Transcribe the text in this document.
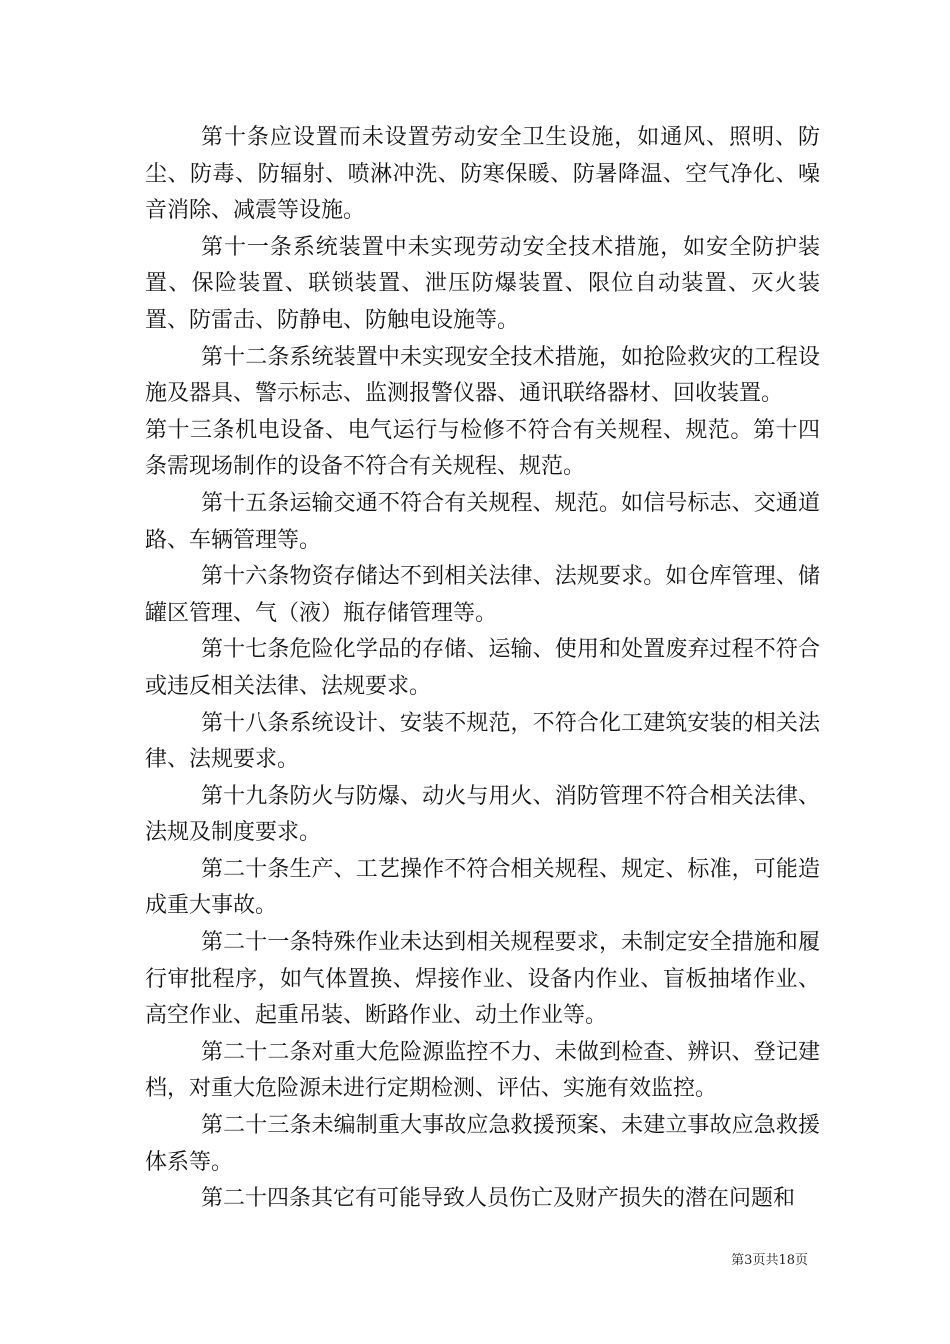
第十条应设置而未设置劳动安全卫生设施，如通风、照明、防尘、防毒、防辐射、喷淋冲洗、防寒保暖、防暑降温、空气净化、噪音消除、减震等设施。

第十一条系统装置中未实现劳动安全技术措施，如安全防护装置、保险装置、联锁装置、泄压防爆装置、限位自动装置、灭火装置、防雷击、防静电、防触电设施等。

第十二条系统装置中未实现安全技术措施，如抢险救灾的工程设施及器具、警示标志、监测报警仪器、通讯联络器材、回收装置。

第十三条机电设备、电气运行与检修不符合有关规程、规范。第十四条需现场制作的设备不符合有关规程、规范。

第十五条运输交通不符合有关规程、规范。如信号标志、交通道路、车辆管理等。

第十六条物资存储达不到相关法律、法规要求。如仓库管理、储罐区管理、气（液）瓶存储管理等。

第十七条危险化学品的存储、运输、使用和处置废弃过程不符合或违反相关法律、法规要求。

第十八条系统设计、安装不规范，不符合化工建筑安装的相关法律、法规要求。

第十九条防火与防爆、动火与用火、消防管理不符合相关法律、法规及制度要求。

第二十条生产、工艺操作不符合相关规程、规定、标准，可能造成重大事故。

第二十一条特殊作业未达到相关规程要求，未制定安全措施和履行审批程序，如气体置换、焊接作业、设备内作业、盲板抽堵作业、高空作业、起重吊装、断路作业、动土作业等。

第二十二条对重大危险源监控不力、未做到检查、辨识、登记建档，对重大危险源未进行定期检测、评估、实施有效监控。

第二十三条未编制重大事故应急救援预案、未建立事故应急救援体系等。

第二十四条其它有可能导致人员伤亡及财产损失的潜在问题和

第3页共18页
